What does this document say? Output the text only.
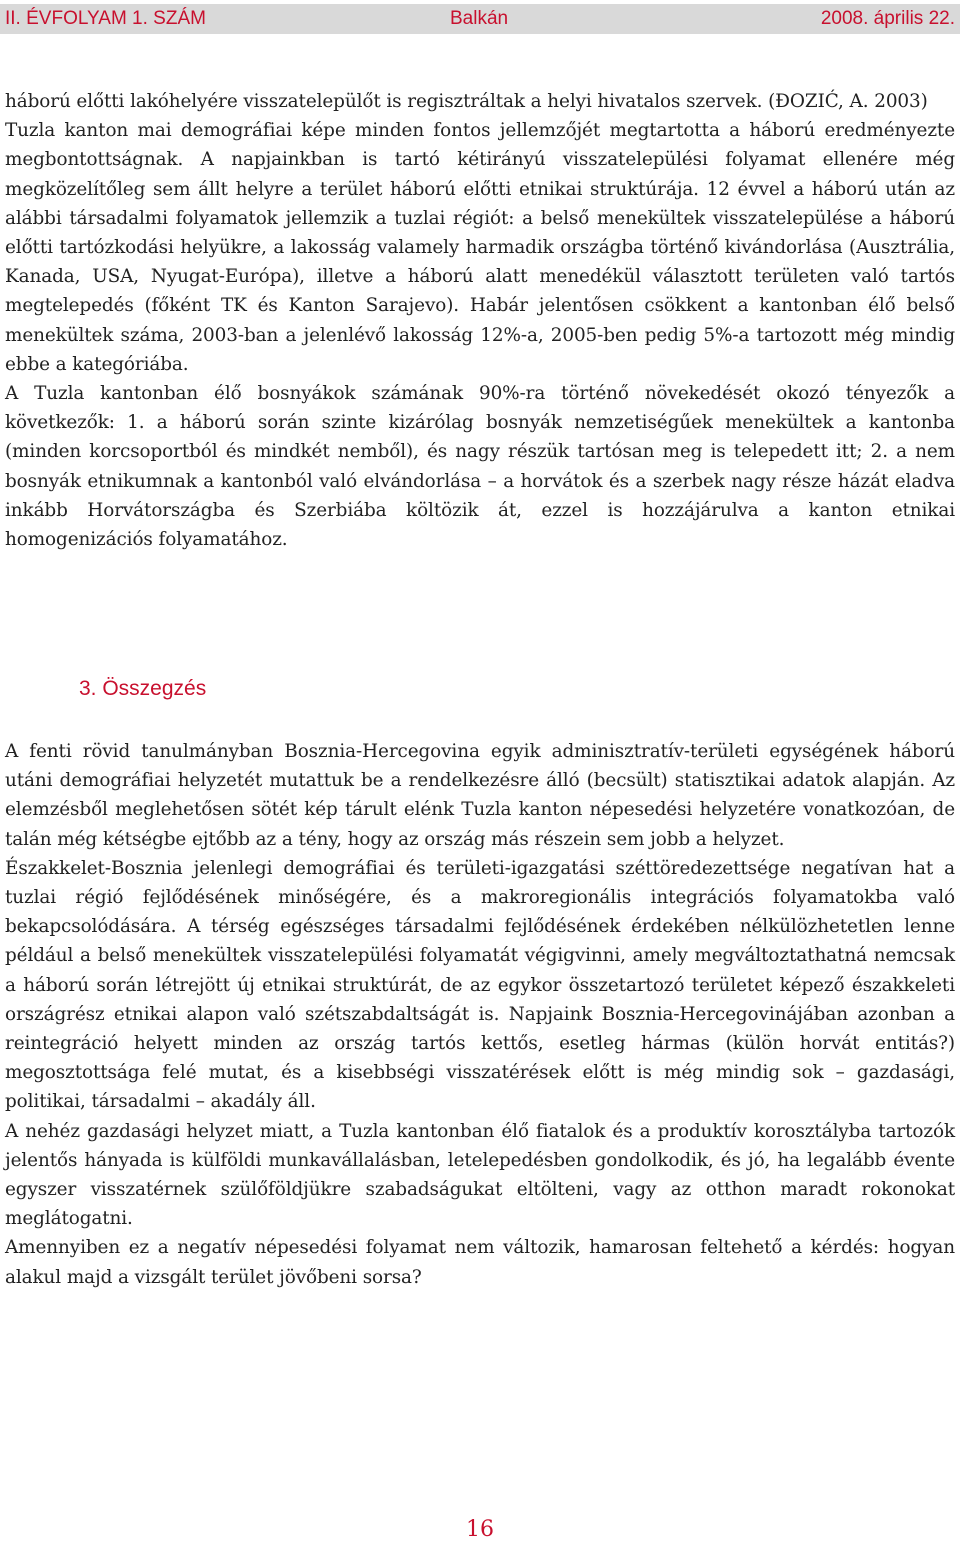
II. ÉVFOLYAM 1. SZÁM	Balkán	2008. április 22.

háború előtti lakóhelyére visszatelepülőt is regisztráltak a helyi hivatalos szervek. (ĐOZIĆ, A. 2003)

Tuzla kanton mai demográfiai képe minden fontos jellemzőjét megtartotta a háború eredményezte megbontottságnak. A napjainkban is tartó kétirányú visszatelepülési folyamat ellenére még megközelítőleg sem állt helyre a terület háború előtti etnikai struktúrája. 12 évvel a háború után az alábbi társadalmi folyamatok jellemzik a tuzlai régiót: a belső menekültek visszatelepülése a háború előtti tartózkodási helyükre, a lakosság valamely harmadik országba történő kivándorlása (Ausztrália, Kanada, USA, Nyugat-Európa), illetve a háború alatt menedékül választott területen való tartós megtelepedés (főként TK és Kanton Sarajevo). Habár jelentősen csökkent a kantonban élő belső menekültek száma, 2003-ban a jelenlévő lakosság 12%-a, 2005-ben pedig 5%-a tartozott még mindig ebbe a kategóriába.

A Tuzla kantonban élő bosnyákok számának 90%-ra történő növekedését okozó tényezők a következők: 1. a háború során szinte kizárólag bosnyák nemzetiségűek menekültek a kantonba (minden korcsoportból és mindkét nemből), és nagy részük tartósan meg is telepedett itt; 2. a nem bosnyák etnikumnak a kantonból való elvándorlása – a horvátok és a szerbek nagy része házát eladva inkább Horvátországba és Szerbiába költözik át, ezzel is hozzájárulva a kanton etnikai homogenizációs folyamatához.

3. Összegzés

A fenti rövid tanulmányban Bosznia-Hercegovina egyik adminisztratív-területi egységének háború utáni demográfiai helyzetét mutattuk be a rendelkezésre álló (becsült) statisztikai adatok alapján. Az elemzésből meglehetősen sötét kép tárult elénk Tuzla kanton népesedési helyzetére vonatkozóan, de talán még kétségbe ejtőbb az a tény, hogy az ország más részein sem jobb a helyzet.

Északkelet-Bosznia jelenlegi demográfiai és területi-igazgatási széttöredezettsége negatívan hat a tuzlai régió fejlődésének minőségére, és a makroregionális integrációs folyamatokba való bekapcsolódására. A térség egészséges társadalmi fejlődésének érdekében nélkülözhetetlen lenne például a belső menekültek visszatelepülési folyamatát végigvinni, amely megváltoztathatná nemcsak a háború során létrejött új etnikai struktúrát, de az egykor összetartozó területet képező északkeleti országrész etnikai alapon való szétszabdaltságát is. Napjaink Bosznia-Hercegovinájában azonban a reintegráció helyett minden az ország tartós kettős, esetleg hármas (külön horvát entitás?) megosztottsága felé mutat, és a kisebbségi visszatérések előtt is még mindig sok – gazdasági, politikai, társadalmi – akadály áll.

A nehéz gazdasági helyzet miatt, a Tuzla kantonban élő fiatalok és a produktív korosztályba tartozók jelentős hányada is külföldi munkavállalásban, letelepedésben gondolkodik, és jó, ha legalább évente egyszer visszatérnek szülőföldjükre szabadságukat eltölteni, vagy az otthon maradt rokonokat meglátogatni.

Amennyiben ez a negatív népesedési folyamat nem változik, hamarosan feltehető a kérdés: hogyan alakul majd a vizsgált terület jövőbeni sorsa?

16
